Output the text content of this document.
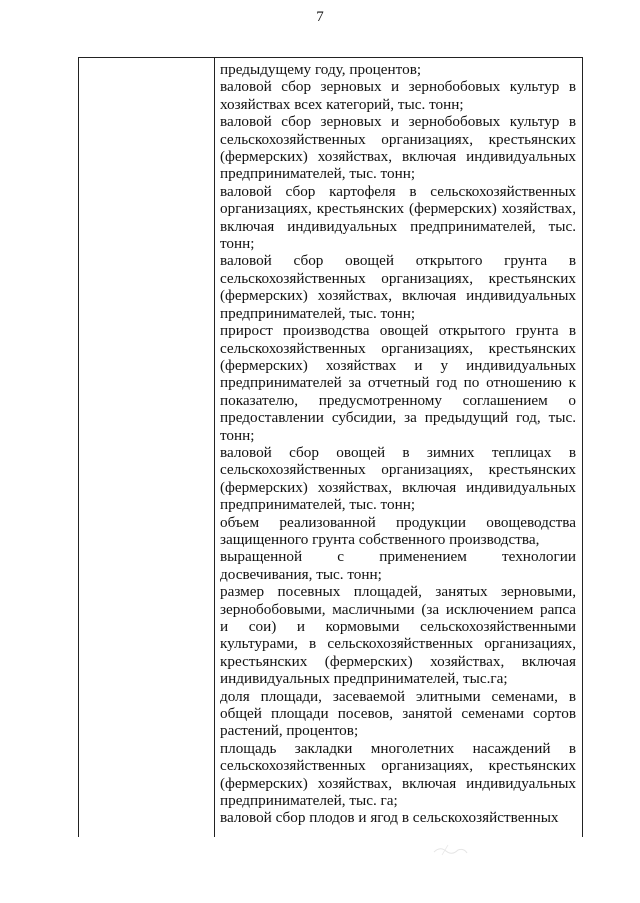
7

предыдущему году, процентов;

валовой сбор зерновых и зернобобовых культур в хозяйствах всех категорий, тыс. тонн;

валовой сбор зерновых и зернобобовых культур в сельскохозяйственных организациях, крестьянских (фермерских) хозяйствах, включая индивидуальных предпринимателей, тыс. тонн;

валовой сбор картофеля в сельскохозяйственных организациях, крестьянских (фермерских) хозяйствах, включая индивидуальных предпринимателей, тыс. тонн;

валовой сбор овощей открытого грунта в сельскохозяйственных организациях, крестьянских (фермерских) хозяйствах, включая индивидуальных предпринимателей, тыс. тонн;

прирост производства овощей открытого грунта в сельскохозяйственных организациях, крестьянских (фермерских) хозяйствах и у индивидуальных предпринимателей за отчетный год по отношению к показателю, предусмотренному соглашением о предоставлении субсидии, за предыдущий год, тыс. тонн;

валовой сбор овощей в зимних теплицах в сельскохозяйственных организациях, крестьянских (фермерских) хозяйствах, включая индивидуальных предпринимателей, тыс. тонн;

объем реализованной продукции овощеводства защищенного грунта собственного производства,

выращенной с применением технологии досвечивания, тыс. тонн;

размер посевных площадей, занятых зерновыми, зернобобовыми, масличными (за исключением рапса и сои) и кормовыми сельскохозяйственными культурами, в сельскохозяйственных организациях, крестьянских (фермерских) хозяйствах, включая индивидуальных предпринимателей, тыс.га;

доля площади, засеваемой элитными семенами, в общей площади посевов, занятой семенами сортов растений, процентов;

площадь закладки многолетних насаждений в сельскохозяйственных организациях, крестьянских (фермерских) хозяйствах, включая индивидуальных предпринимателей, тыс. га;

валовой сбор плодов и ягод в сельскохозяйственных
